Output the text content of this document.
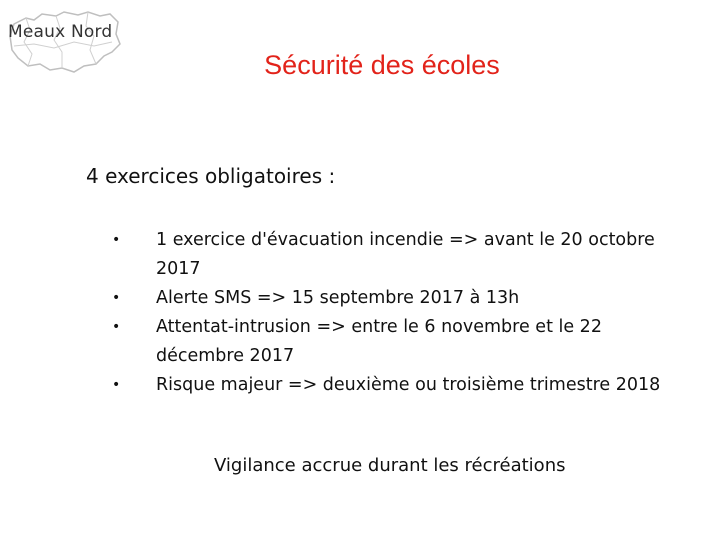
Meaux Nord
Sécurité des écoles
4 exercices obligatoires :
• 1 exercice d'évacuation incendie => avant le 20 octobre 2017
• Alerte SMS => 15 septembre 2017 à 13h
• Attentat-intrusion => entre le 6 novembre et le 22 décembre 2017
• Risque majeur => deuxième ou troisième trimestre 2018
Vigilance accrue durant les récréations
